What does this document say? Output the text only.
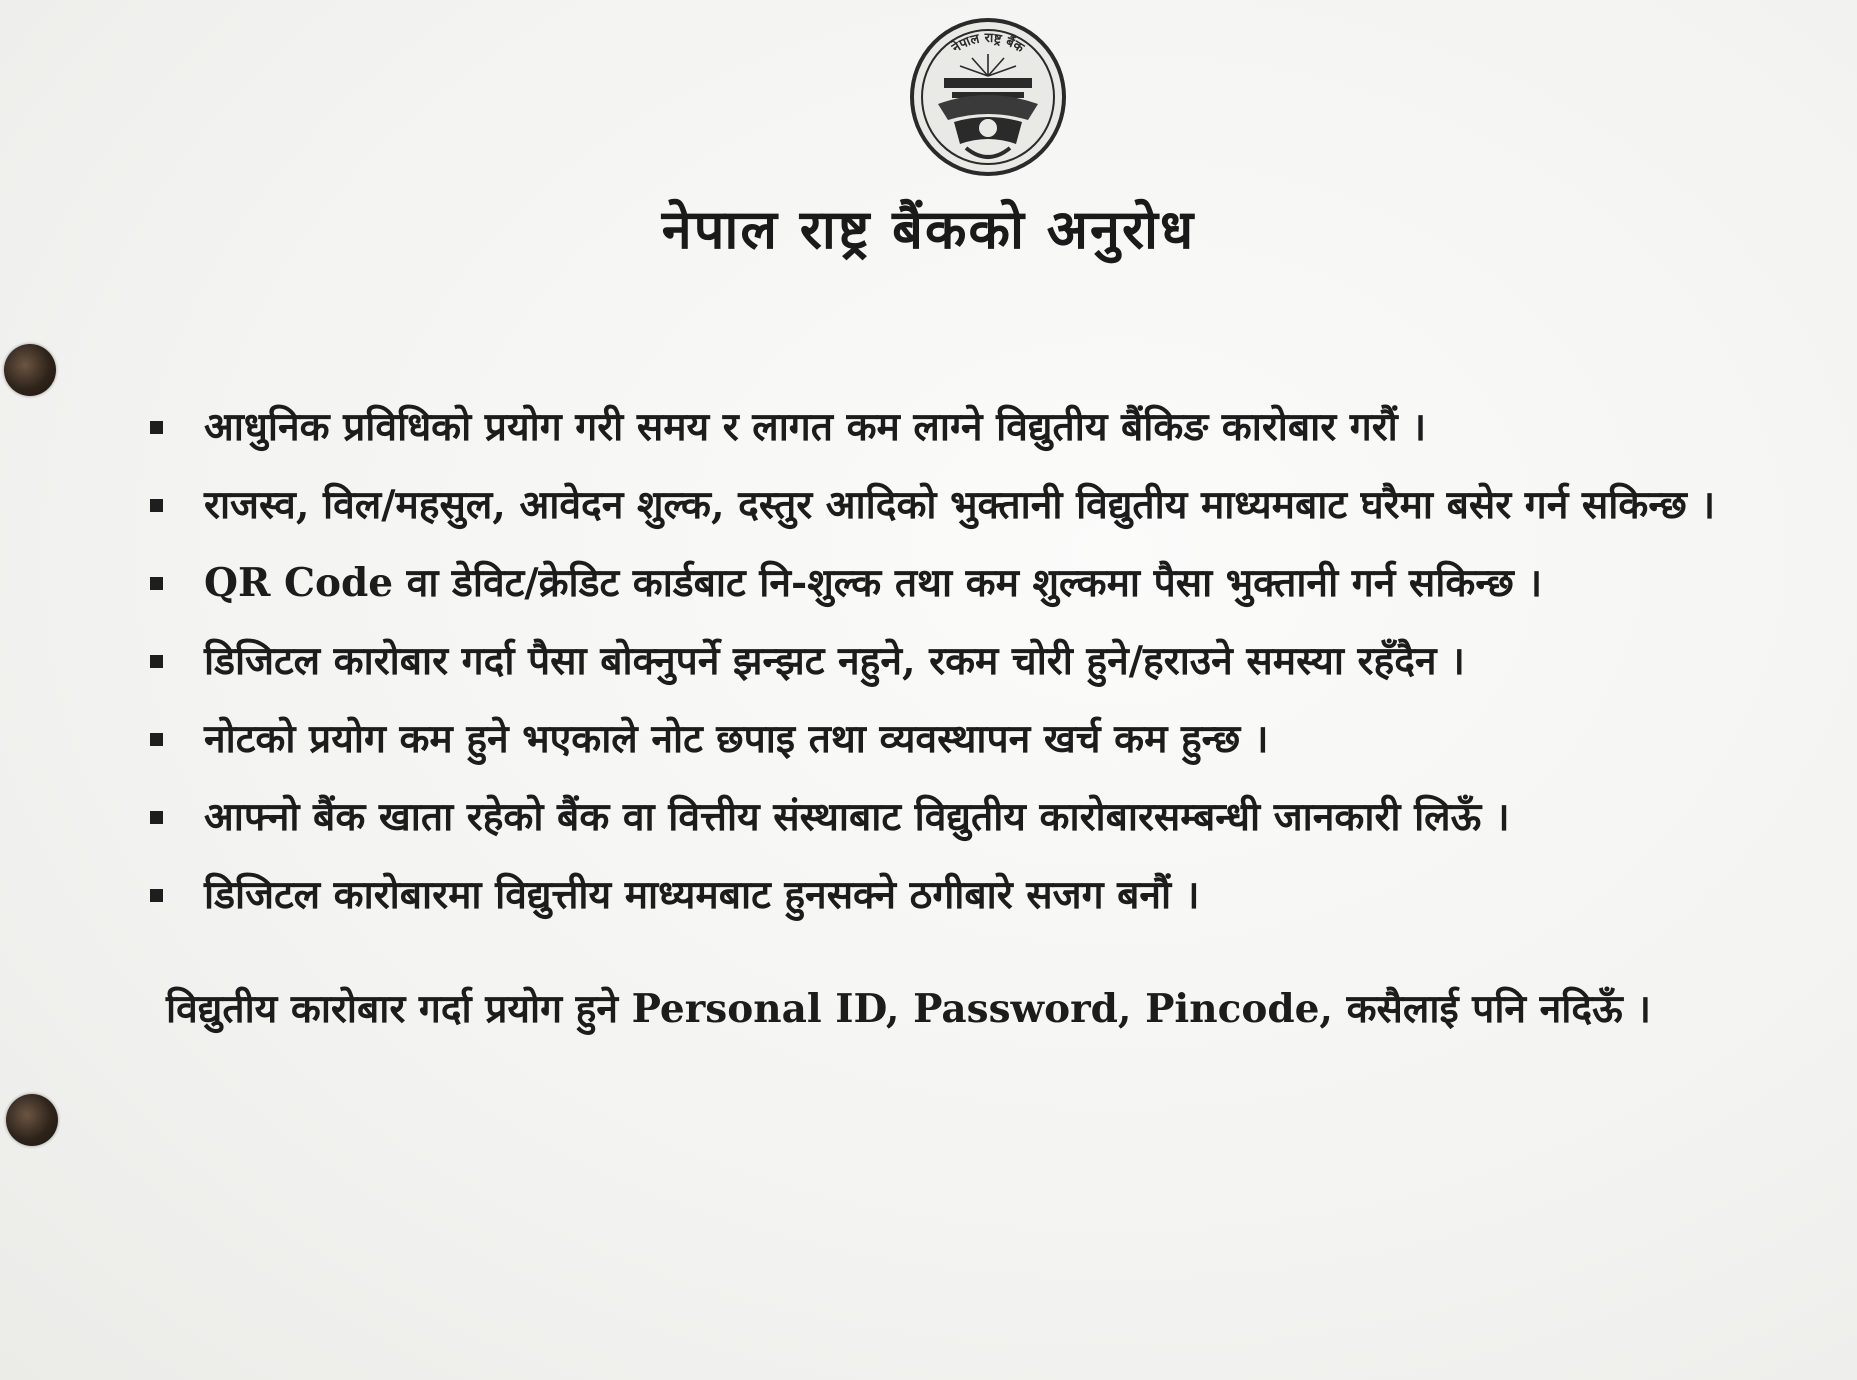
नेपाल राष्ट्र बैंक
नेपाल राष्ट्र बैंकको अनुरोध
आधुनिक प्रविधिको प्रयोग गरी समय र लागत कम लाग्ने विद्युतीय बैंकिङ कारोबार गरौं ।
राजस्व, विल/महसुल, आवेदन शुल्क, दस्तुर आदिको भुक्तानी विद्युतीय माध्यमबाट घरैमा बसेर गर्न सकिन्छ ।
QR Code वा डेविट/क्रेडिट कार्डबाट नि-शुल्क तथा कम शुल्कमा पैसा भुक्तानी गर्न सकिन्छ ।
डिजिटल कारोबार गर्दा पैसा बोक्नुपर्ने झन्झट नहुने, रकम चोरी हुने/हराउने समस्या रहँदैन ।
नोटको प्रयोग कम हुने भएकाले नोट छपाइ तथा व्यवस्थापन खर्च कम हुन्छ ।
आफ्नो बैंक खाता रहेको बैंक वा वित्तीय संस्थाबाट विद्युतीय कारोबारसम्बन्धी जानकारी लिऊँ ।
डिजिटल कारोबारमा विद्युत्तीय माध्यमबाट हुनसक्ने ठगीबारे सजग बनौं ।
विद्युतीय कारोबार गर्दा प्रयोग हुने Personal ID, Password, Pincode, कसैलाई पनि नदिऊँ ।
